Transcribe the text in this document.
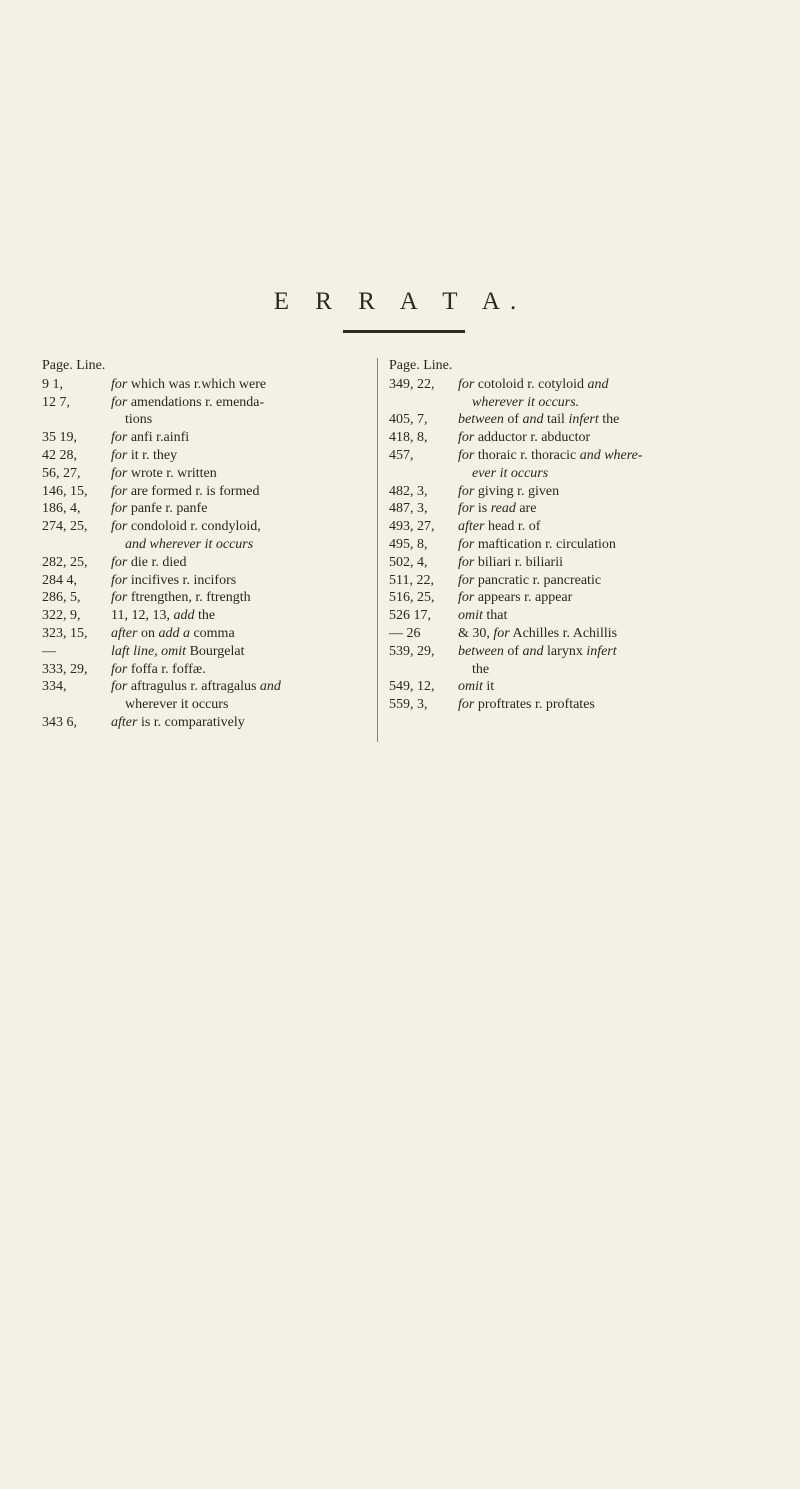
E R R A T A.
Page. Line.
9 1,	for which was r.which were
12 7,	for amendations r. emenda-
tions
35 19, for anfi r.ainfi
42 28, for it r. they
56, 27, for wrote r. written
146, 15, for are formed r. is formed
186, 4, for panfe r. panfe
274, 25, for condoloid r. condyloid,
and wherever it occurs
282, 25, for die r. died
284 4, for incifives r. incifors
286, 5, for ftrengthen, r. ftrength
322, 9, 11, 12, 13, add the
323, 15, after on add a comma
—	laft line, omit Bourgelat
333, 29, for foffa r. foffæ.
334,	for aftragulus r. aftragalus and
wherever it occurs
343 6, after is r. comparatively
Page. Line.
349, 22, for cotoloid r. cotyloid and
wherever it occurs.
405, 7, between of and tail infert the
418, 8, for adductor r. abductor
457,	for thoraic r. thoracic and where-
ever it occurs
482, 3, for giving r. given
487, 3, for is read are
493, 27, after head r. of
495, 8, for maftication r. circulation
502, 4, for biliari r. biliarii
511, 22, for pancratic r. pancreatic
516, 25, for appears r. appear
526 17, omit that
— 26	& 30, for Achilles r. Achillis
539, 29, between of and larynx infert
the
549, 12, omit it
559, 3, for proftrates r. proftates
